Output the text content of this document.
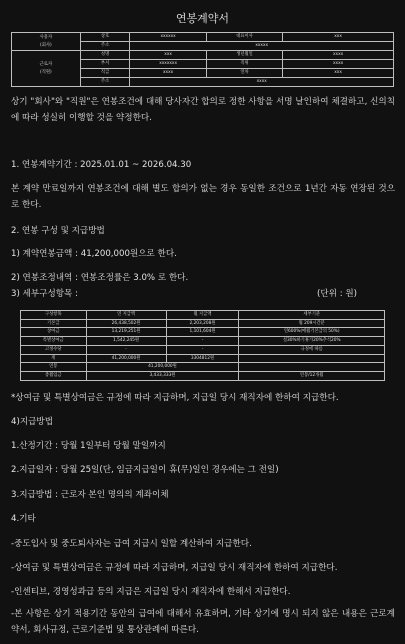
연봉계약서
사용자
(회사)	상호	xxxxxx	대표이사	xxx
	주소	xxxxx		
근로자
(직원)	성명	xxx	생년월일	xxxx
	부서	xxxxxxx	직위	xxxx
	직급	xxxx	연차	xxx
	주소	xxxx		

상기 "회사"와 "직원"은 연봉조건에 대해 당사자간 합의로 정한 사항을 서명 날인하여 체결하고, 신의칙에 따라 성실히 이행할 것을 약정한다.

1. 연봉계약기간 : 2025.01.01 ~ 2026.04.30

본 계약 만료일까지 연봉조건에 대해 별도 합의가 없는 경우 동일한 조건으로 1년간 자동 연장된 것으로 한다.

2. 연봉 구성 및 지급방법

1) 계약연봉금액 : 41,200,000원으로 한다.

2) 연봉조정내역 : 연봉조정률은 3.0% 로 한다.

3) 세부구성항목 :	(단위 : 원)

구성항목	연 지급액	월 지급액	세부기준
기본급	26,438,502원	2,203,208원	월 209시간분
상여금	13,219,251원	1,101,604원	연600%(매월기본급의 50%)
특별상여금	1,542,245원	-	설30%하기휴가20%추석20%
고정수당	-	-	규정에 따름
계	41,200,000원	3304812원	
연봉	41,200,000원		
총월임금	3,433,333원		연봉/12개월

*상여금 및 특별상여금은 규정에 따라 지급하며, 지급일 당시 재직자에 한하여 지급한다.

4)지급방법

1.산정기간 : 당월 1일부터 당월 말일까지

2.지급일자 : 당월 25일(단, 임금지급일이 휴(무)일인 경우에는 그 전일)

3.지급방법 : 근로자 본인 명의의 계좌이체

4.기타

-중도입사 및 중도퇴사자는 급여 지급시 일할 계산하여 지급한다.

-상여금 및 특별상여금은 규정에 따라 지급하며, 지급일 당시 재직자에 한하여 지급한다.

-인센티브, 경영성과급 등의 지급은 지급일 당시 재직자에 한해서 지급한다.

-본 사항은 상기 적용기간 동안의 급여에 대해서 유효하며, 기타 상기에 명시 되지 않은 내용은 근로계약서, 회사규정, 근로기준법 및 통상관례에 따른다.
